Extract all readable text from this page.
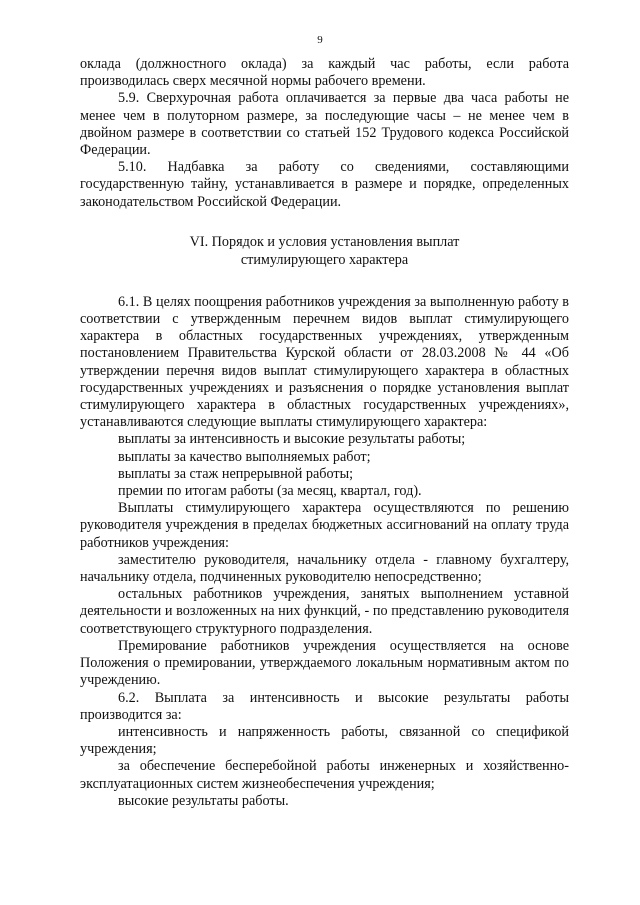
9

оклада (должностного оклада) за каждый час работы, если работа производилась сверх месячной нормы рабочего времени.

5.9. Сверхурочная работа оплачивается за первые два часа работы не менее чем в полуторном размере, за последующие часы – не менее чем в двойном размере в соответствии со статьей 152 Трудового кодекса Российской Федерации.

5.10. Надбавка за работу со сведениями, составляющими государственную тайну, устанавливается в размере и порядке, определенных законодательством Российской Федерации.

VI. Порядок и условия установления выплат
стимулирующего характера

6.1. В целях поощрения работников учреждения за выполненную работу в соответствии с утвержденным перечнем видов выплат стимулирующего характера в областных государственных учреждениях, утвержденным постановлением Правительства Курской области от 28.03.2008 № 44 «Об утверждении перечня видов выплат стимулирующего характера в областных государственных учреждениях и разъяснения о порядке установления выплат стимулирующего характера в областных государственных учреждениях», устанавливаются следующие выплаты стимулирующего характера:

выплаты за интенсивность и высокие результаты работы;

выплаты за качество выполняемых работ;

выплаты за стаж непрерывной работы;

премии по итогам работы (за месяц, квартал, год).

Выплаты стимулирующего характера осуществляются по решению руководителя учреждения в пределах бюджетных ассигнований на оплату труда работников учреждения:

заместителю руководителя, начальнику отдела - главному бухгалтеру, начальнику отдела, подчиненных руководителю непосредственно;

остальных работников учреждения, занятых выполнением уставной деятельности и возложенных на них функций, - по представлению руководителя соответствующего структурного подразделения.

Премирование работников учреждения осуществляется на основе Положения о премировании, утверждаемого локальным нормативным актом по учреждению.

6.2. Выплата за интенсивность и высокие результаты работы производится за:

интенсивность и напряженность работы, связанной со спецификой учреждения;

за обеспечение бесперебойной работы инженерных и хозяйственно-эксплуатационных систем жизнеобеспечения учреждения;

высокие результаты работы.
